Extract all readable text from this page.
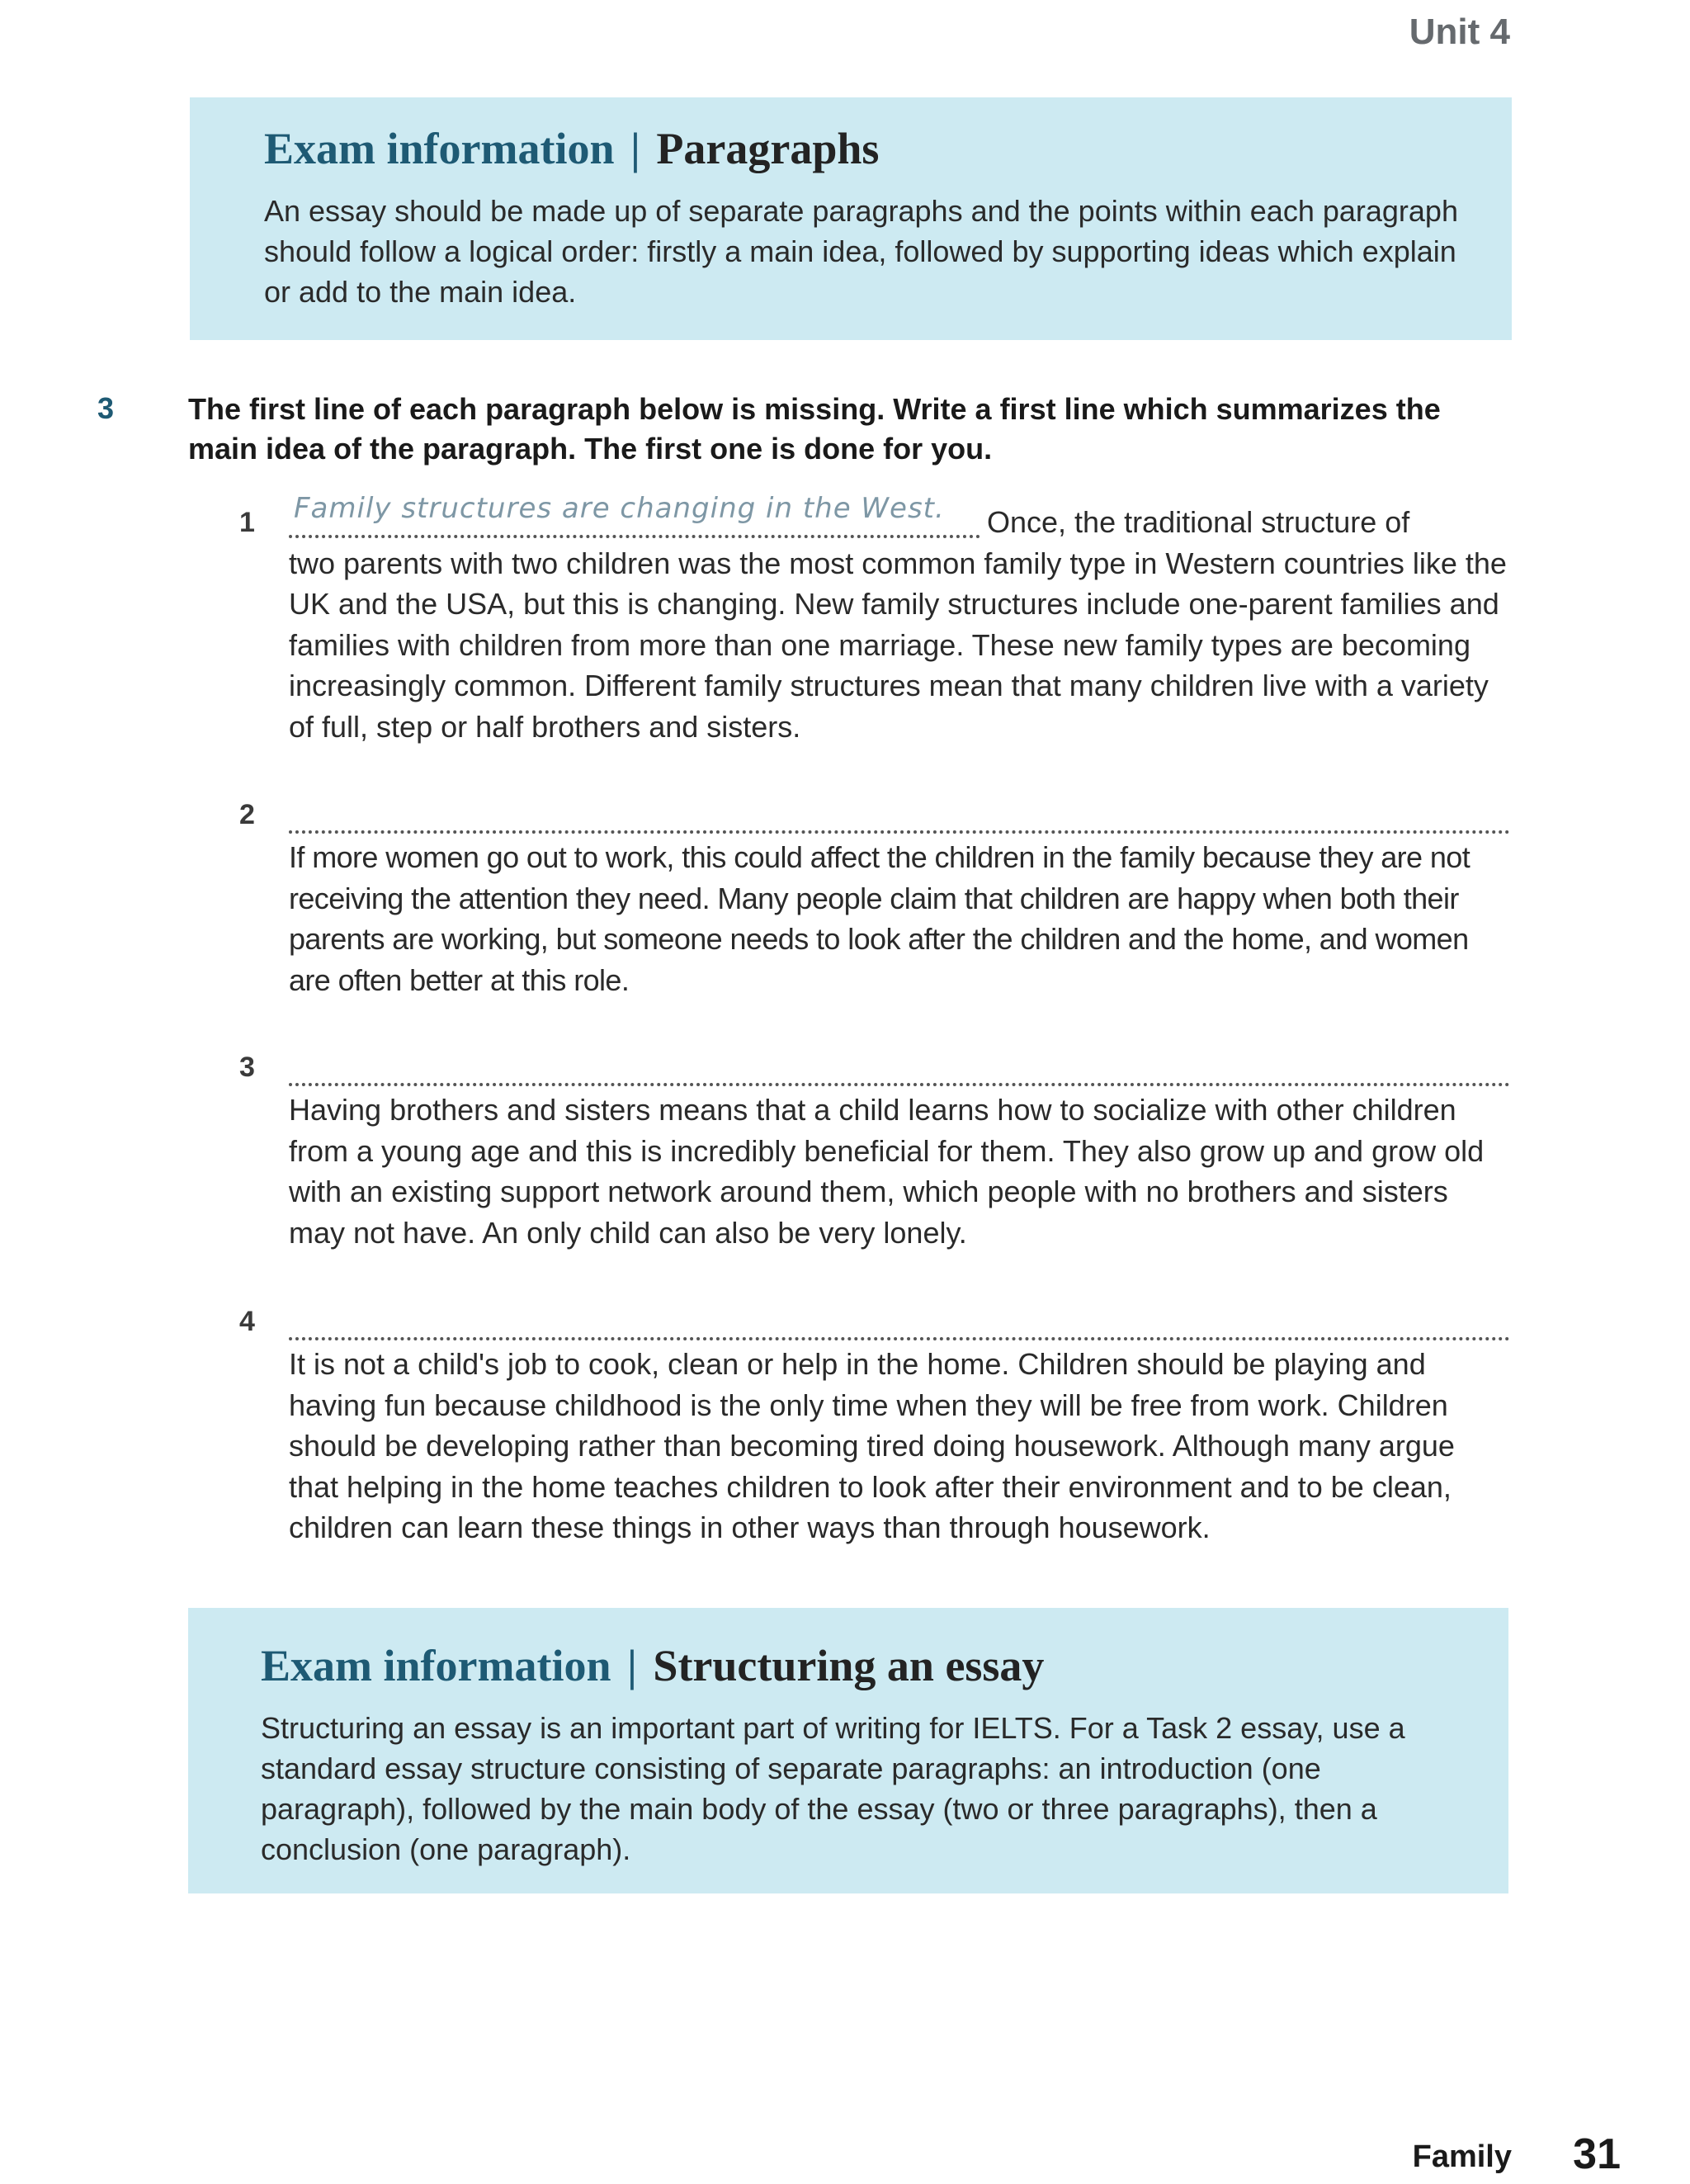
Unit 4
Exam information | Paragraphs

An essay should be made up of separate paragraphs and the points within each paragraph should follow a logical order: firstly a main idea, followed by supporting ideas which explain or add to the main idea.

3 The first line of each paragraph below is missing. Write a first line which summarizes the main idea of the paragraph. The first one is done for you.

1 Family structures are changing in the West. Once, the traditional structure of

two parents with two children was the most common family type in Western countries like the UK and the USA, but this is changing. New family structures include one-parent families and families with children from more than one marriage. These new family types are becoming increasingly common. Different family structures mean that many children live with a variety of full, step or half brothers and sisters.

2

If more women go out to work, this could affect the children in the family because they are not receiving the attention they need. Many people claim that children are happy when both their parents are working, but someone needs to look after the children and the home, and women are often better at this role.

3

Having brothers and sisters means that a child learns how to socialize with other children from a young age and this is incredibly beneficial for them. They also grow up and grow old with an existing support network around them, which people with no brothers and sisters may not have. An only child can also be very lonely.

4

It is not a child's job to cook, clean or help in the home. Children should be playing and having fun because childhood is the only time when they will be free from work. Children should be developing rather than becoming tired doing housework. Although many argue that helping in the home teaches children to look after their environment and to be clean, children can learn these things in other ways than through housework.

Exam information | Structuring an essay

Structuring an essay is an important part of writing for IELTS. For a Task 2 essay, use a standard essay structure consisting of separate paragraphs: an introduction (one paragraph), followed by the main body of the essay (two or three paragraphs), then a conclusion (one paragraph).

Family 31
